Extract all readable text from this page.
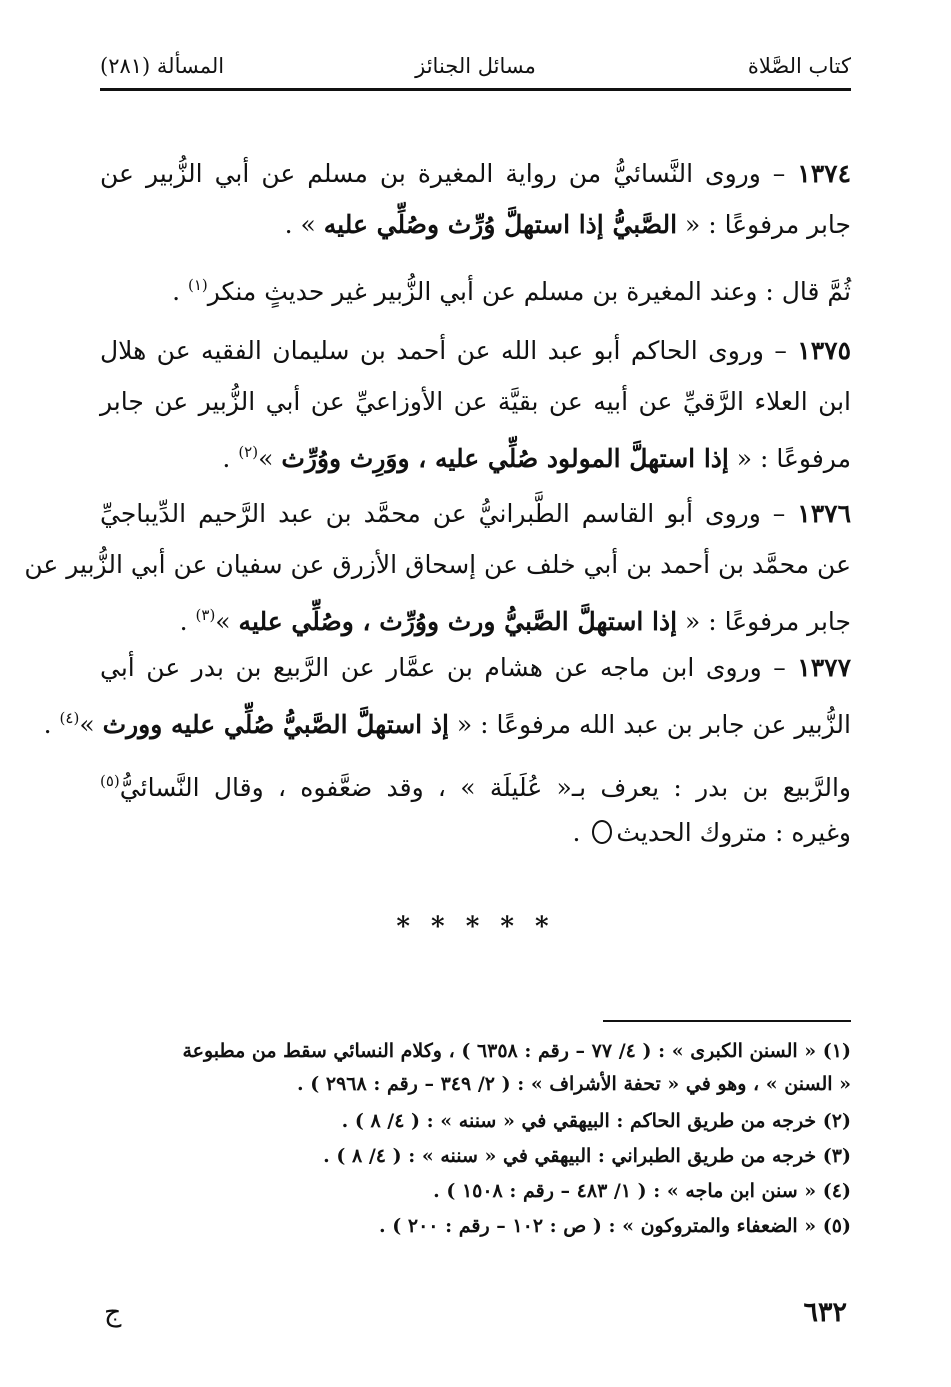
كتاب الصَّلاة
مسائل الجنائز
المسألة (٢٨١)
١٣٧٤ – وروى النَّسائيُّ من رواية المغيرة بن مسلم عن أبي الزُّبير عن
جابر مرفوعًا : « الصَّبيُّ إذا استهلَّ وُرِّث وصُلِّي عليه » .
ثُمَّ قال : وعند المغيرة بن مسلم عن أبي الزُّبير غير حديثٍ منكر$^{(١)}$ .
١٣٧٥ – وروى الحاكم أبو عبد الله عن أحمد بن سليمان الفقيه عن هلال
ابن العلاء الرَّقيِّ عن أبيه عن بقيَّة عن الأوزاعيِّ عن أبي الزُّبير عن جابر
مرفوعًا : « إذا استهلَّ المولود صُلِّي عليه ، ووَرِث ووُرِّث »$^{(٢)}$ .
١٣٧٦ – وروى أبو القاسم الطَّبرانيُّ عن محمَّد بن عبد الرَّحيم الدِّيباجيِّ
عن محمَّد بن أحمد بن أبي خلف عن إسحاق الأزرق عن سفيان عن أبي الزُّبير عن
جابر مرفوعًا : « إذا استهلَّ الصَّبيُّ ورث ووُرِّث ، وصُلِّي عليه »$^{(٣)}$ .
١٣٧٧ – وروى ابن ماجه عن هشام بن عمَّار عن الرَّبيع بن بدر عن أبي
الزُّبير عن جابر بن عبد الله مرفوعًا : « إذ استهلَّ الصَّبيُّ صُلِّي عليه وورث »$^{(٤)}$ .
والرَّبيع بن بدر : يعرف بـ« عُلَيلَة » ، وقد ضعَّفوه ، وقال النَّسائيُّ$^{(٥)}$
وغيره : متروك الحديث .
* * * * *
(١) « السنن الكبرى » : ( ٤/ ٧٧ – رقم : ٦٣٥٨ ) ، وكلام النسائي سقط من مطبوعة
« السنن » ، وهو في « تحفة الأشراف » : ( ٢/ ٣٤٩ – رقم : ٢٩٦٨ ) .
(٢) خرجه من طريق الحاكم : البيهقي في « سننه » : ( ٤/ ٨ ) .
(٣) خرجه من طريق الطبراني : البيهقي في « سننه » : ( ٤/ ٨ ) .
(٤) « سنن ابن ماجه » : ( ١/ ٤٨٣ – رقم : ١٥٠٨ ) .
(٥) « الضعفاء والمتروكون » : ( ص : ١٠٢ – رقم : ٢٠٠ ) .
٦٣٢
ج
